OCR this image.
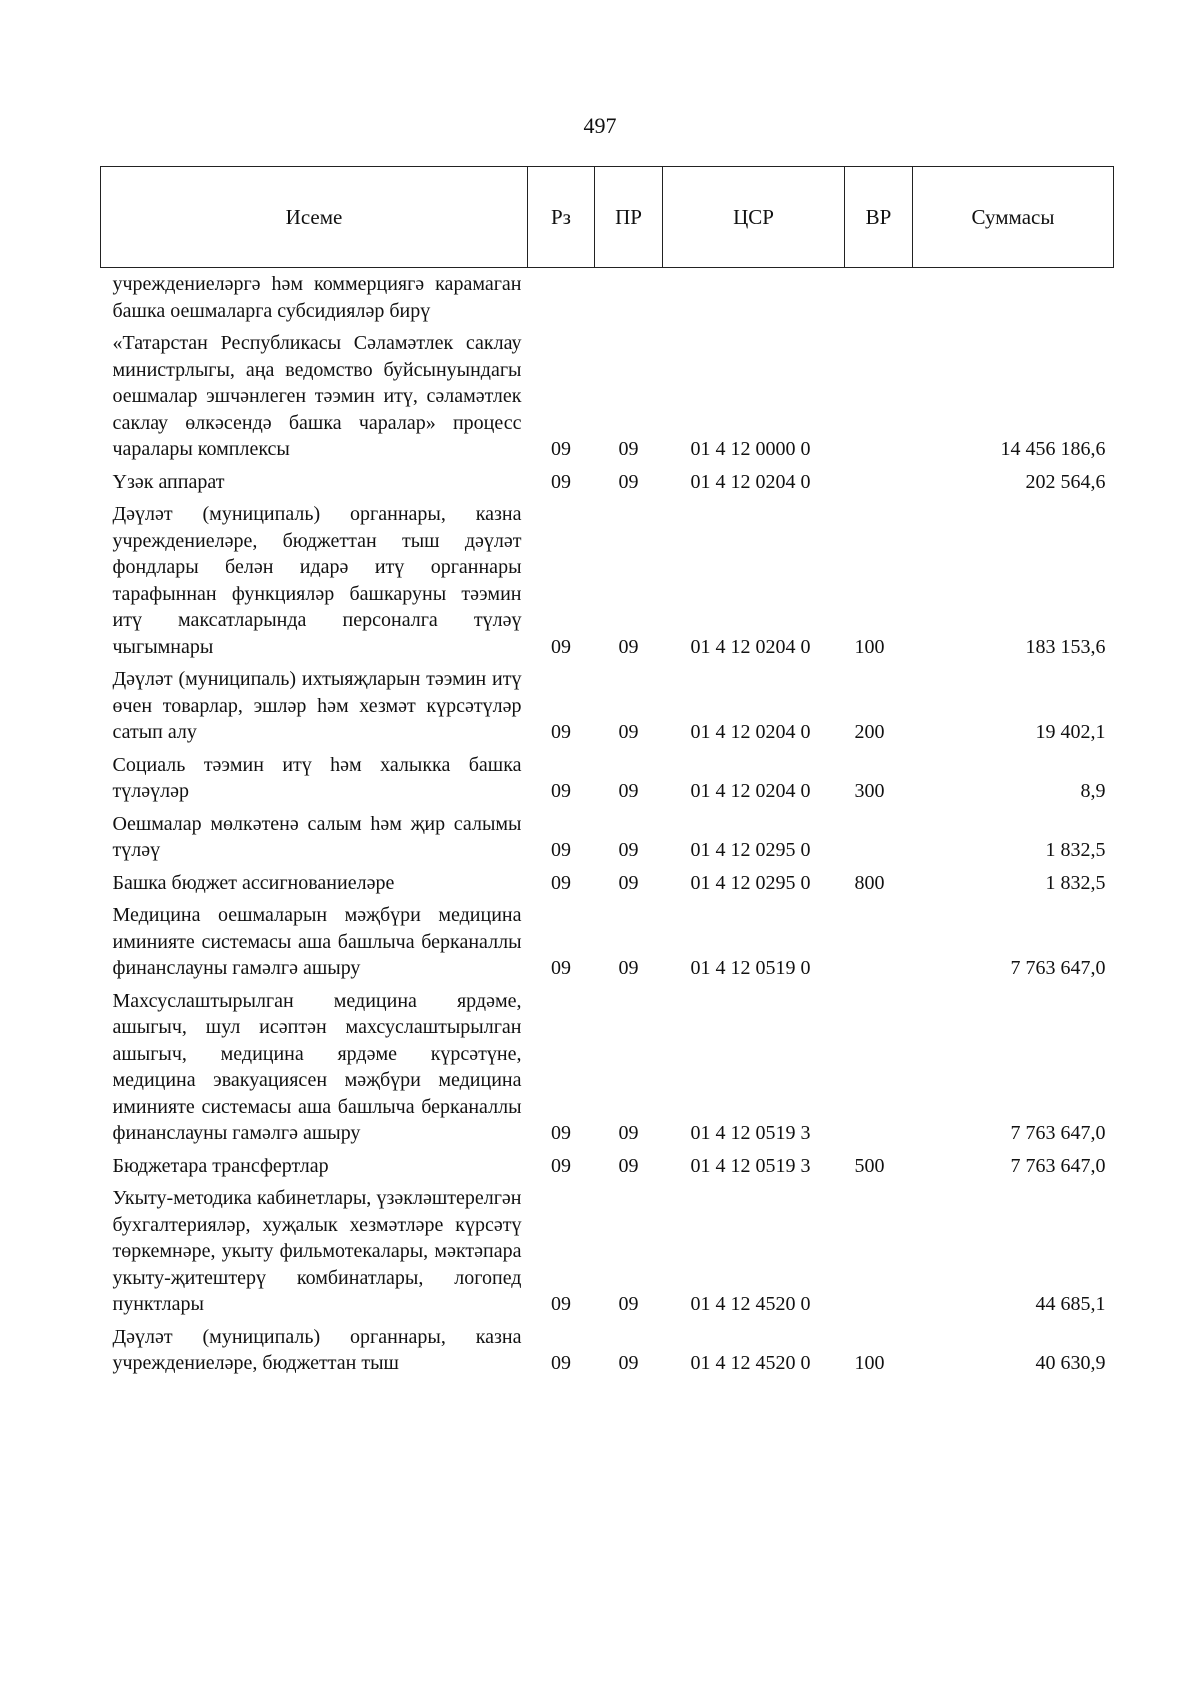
497
Исеме	Рз	ПР	ЦСР	ВР	Суммасы
учреждениеләргә һәм коммерциягә карамаган башка оешмаларга субсидияләр бирү					
«Татарстан Республикасы Сәламәтлек саклау министрлыгы, аңа ведомство буйсынуындагы оешмалар эшчәнлеген тәэмин итү, сәламәтлек саклау өлкәсендә башка чаралар» процесс чаралары комплексы	09	09	01 4 12 0000 0		14 456 186,6
Үзәк аппарат	09	09	01 4 12 0204 0		202 564,6
Дәүләт (муниципаль) органнары, казна учреждениеләре, бюджеттан тыш дәүләт фондлары белән идарә итү органнары тарафыннан функцияләр башкаруны тәэмин итү максатларында персоналга түләү чыгымнары	09	09	01 4 12 0204 0	100	183 153,6
Дәүләт (муниципаль) ихтыяҗларын тәэмин итү өчен товарлар, эшләр һәм хезмәт күрсәтүләр сатып алу	09	09	01 4 12 0204 0	200	19 402,1
Социаль тәэмин итү һәм халыкка башка түләүләр	09	09	01 4 12 0204 0	300	8,9
Оешмалар мөлкәтенә салым һәм җир салымы түләү	09	09	01 4 12 0295 0		1 832,5
Башка бюджет ассигнованиеләре	09	09	01 4 12 0295 0	800	1 832,5
Медицина оешмаларын мәҗбүри медицина иминияте системасы аша башлыча берканаллы финанслауны гамәлгә ашыру	09	09	01 4 12 0519 0		7 763 647,0
Махсуслаштырылган медицина ярдәме, ашыгыч, шул исәптән махсуслаштырылган ашыгыч, медицина ярдәме күрсәтүне, медицина эвакуациясен мәҗбүри медицина иминияте системасы аша башлыча берканаллы финанслауны гамәлгә ашыру	09	09	01 4 12 0519 3		7 763 647,0
Бюджетара трансфертлар	09	09	01 4 12 0519 3	500	7 763 647,0
Укыту-методика кабинетлары, үзәкләштерелгән бухгалтерияләр, хуҗалык хезмәтләре күрсәтү төркемнәре, укыту фильмотекалары, мәктәпара укыту-җитештерү комбинатлары, логопед пунктлары	09	09	01 4 12 4520 0		44 685,1
Дәүләт (муниципаль) органнары, казна учреждениеләре, бюджеттан тыш	09	09	01 4 12 4520 0	100	40 630,9
